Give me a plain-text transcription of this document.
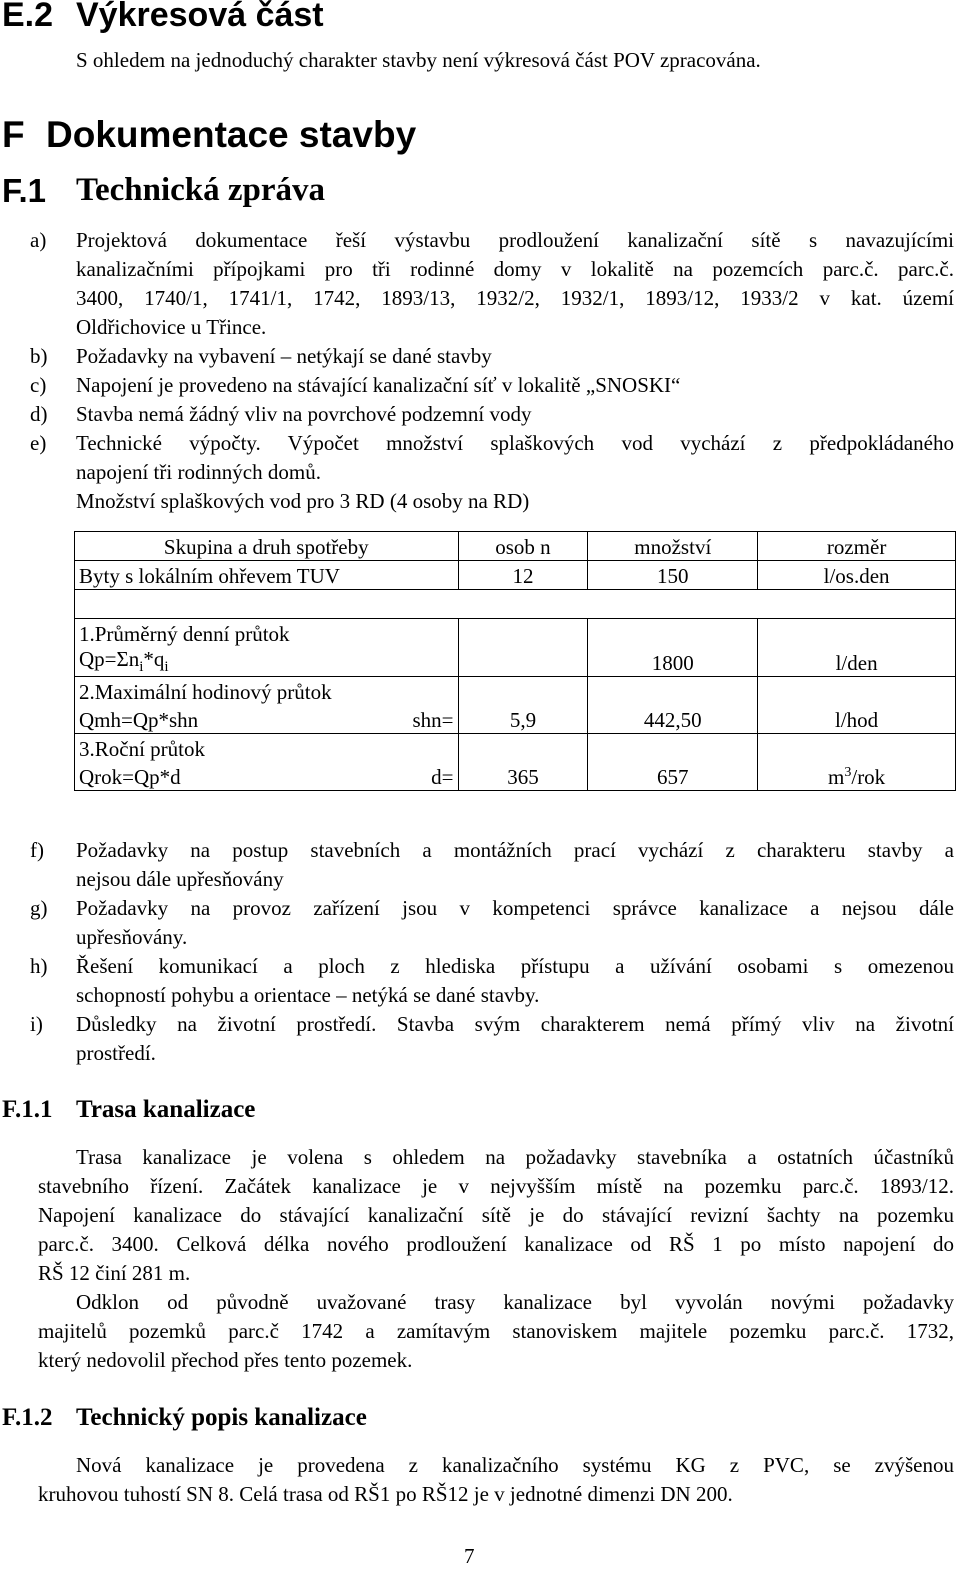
E.2 Výkresová část
S ohledem na jednoduchý charakter stavby není výkresová část POV zpracována.
F Dokumentace stavby
F.1 Technická zpráva
a) Projektová dokumentace řeší výstavbu prodloužení kanalizační sítě s navazujícími
kanalizačními přípojkami pro tři rodinné domy v lokalitě na pozemcích parc.č. parc.č.
3400, 1740/1, 1741/1, 1742, 1893/13, 1932/2, 1932/1, 1893/12, 1933/2 v kat. území
Oldřichovice u Třince.
b) Požadavky na vybavení – netýkají se dané stavby
c) Napojení je provedeno na stávající kanalizační síť v lokalitě „SNOSKI“
d) Stavba nemá žádný vliv na povrchové podzemní vody
e) Technické výpočty. Výpočet množství splaškových vod vychází z předpokládaného
napojení tři rodinných domů.
Množství splaškových vod pro 3 RD (4 osoby na RD)
Skupina a druh spotřeby	osob n	množství	rozměr
Byty s lokálním ohřevem TUV	12	150	l/os.den

1.Průměrný denní průtok			
$Qp=\Sigma n_i*q_i$		1800	l/den
2.Maximální hodinový průtok			
Qmh=Qp*shn shn=	5,9	442,50	l/hod
3.Roční průtok			
Qrok=Qp*d d=	365	657	$m^3$/rok
f) Požadavky na postup stavebních a montážních prací vychází z charakteru stavby a
nejsou dále upřesňovány
g) Požadavky na provoz zařízení jsou v kompetenci správce kanalizace a nejsou dále
upřesňovány.
h) Řešení komunikací a ploch z hlediska přístupu a užívání osobami s omezenou
schopností pohybu a orientace – netýká se dané stavby.
i) Důsledky na životní prostředí. Stavba svým charakterem nemá přímý vliv na životní
prostředí.
F.1.1 Trasa kanalizace
Trasa kanalizace je volena s ohledem na požadavky stavebníka a ostatních účastníků
stavebního řízení. Začátek kanalizace je v nejvyšším místě na pozemku parc.č. 1893/12.
Napojení kanalizace do stávající kanalizační sítě je do stávající revizní šachty na pozemku
parc.č. 3400. Celková délka nového prodloužení kanalizace od RŠ 1 po místo napojení do
RŠ 12 činí 281 m.
Odklon od původně uvažované trasy kanalizace byl vyvolán novými požadavky
majitelů pozemků parc.č 1742 a zamítavým stanoviskem majitele pozemku parc.č. 1732,
který nedovolil přechod přes tento pozemek.
F.1.2 Technický popis kanalizace
Nová kanalizace je provedena z kanalizačního systému KG z PVC, se zvýšenou
kruhovou tuhostí SN 8. Celá trasa od RŠ1 po RŠ12 je v jednotné dimenzi DN 200.
7
